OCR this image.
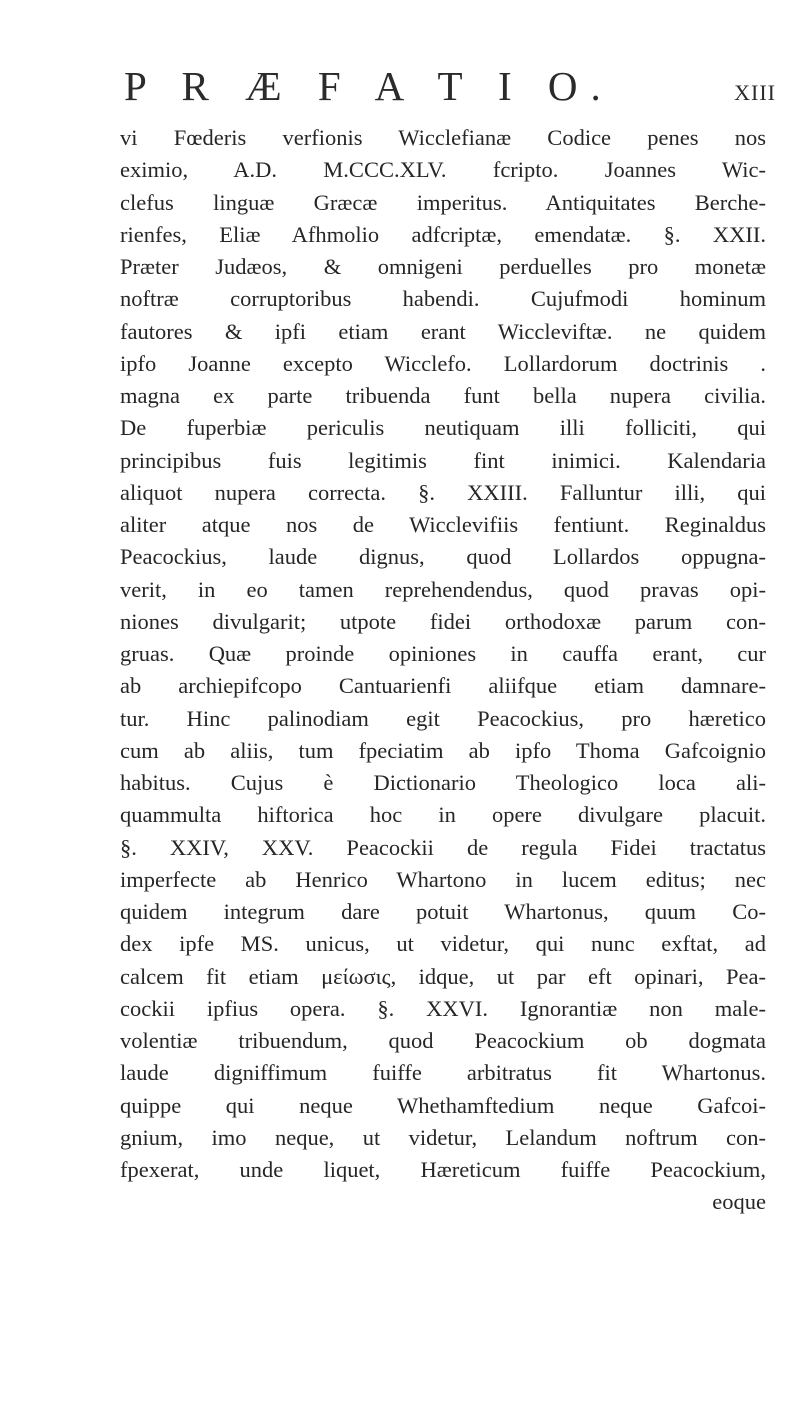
P R Æ F A T I O.	XIII
vi Fœderis verfionis Wicclefianæ Codice penes nos
eximio, A.D. M.CCC.XLV. fcripto. Joannes Wic-
clefus linguæ Græcæ imperitus. Antiquitates Berche-
rienfes, Eliæ Afhmolio adfcriptæ, emendatæ. §. XXII.
Præter Judæos, & omnigeni perduelles pro monetæ
noftræ corruptoribus habendi. Cujufmodi hominum
fautores & ipfi etiam erant Wiccleviftæ. ne quidem
ipfo Joanne excepto Wicclefo. Lollardorum doctrinis .
magna ex parte tribuenda funt bella nupera civilia.
De fuperbiæ periculis neutiquam illi folliciti, qui
principibus fuis legitimis fint inimici. Kalendaria
aliquot nupera correcta. §. XXIII. Falluntur illi, qui
aliter atque nos de Wicclevifiis fentiunt. Reginaldus
Peacockius, laude dignus, quod Lollardos oppugna-
verit, in eo tamen reprehendendus, quod pravas opi-
niones divulgarit; utpote fidei orthodoxæ parum con-
gruas. Quæ proinde opiniones in cauffa erant, cur
ab archiepifcopo Cantuarienfi aliifque etiam damnare-
tur. Hinc palinodiam egit Peacockius, pro hæretico
cum ab aliis, tum fpeciatim ab ipfo Thoma Gafcoignio
habitus. Cujus è Dictionario Theologico loca ali-
quammulta hiftorica hoc in opere divulgare placuit.
§. XXIV, XXV. Peacockii de regula Fidei tractatus
imperfecte ab Henrico Whartono in lucem editus; nec
quidem integrum dare potuit Whartonus, quum Co-
dex ipfe MS. unicus, ut videtur, qui nunc exftat, ad
calcem fit etiam μείωσις, idque, ut par eft opinari, Pea-
cockii ipfius opera. §. XXVI. Ignorantiæ non male-
volentiæ tribuendum, quod Peacockium ob dogmata
laude digniffimum fuiffe arbitratus fit Whartonus.
quippe qui neque Whethamftedium neque Gafcoi-
gnium, imo neque, ut videtur, Lelandum noftrum con-
fpexerat, unde liquet, Hæreticum fuiffe Peacockium,
eoque
